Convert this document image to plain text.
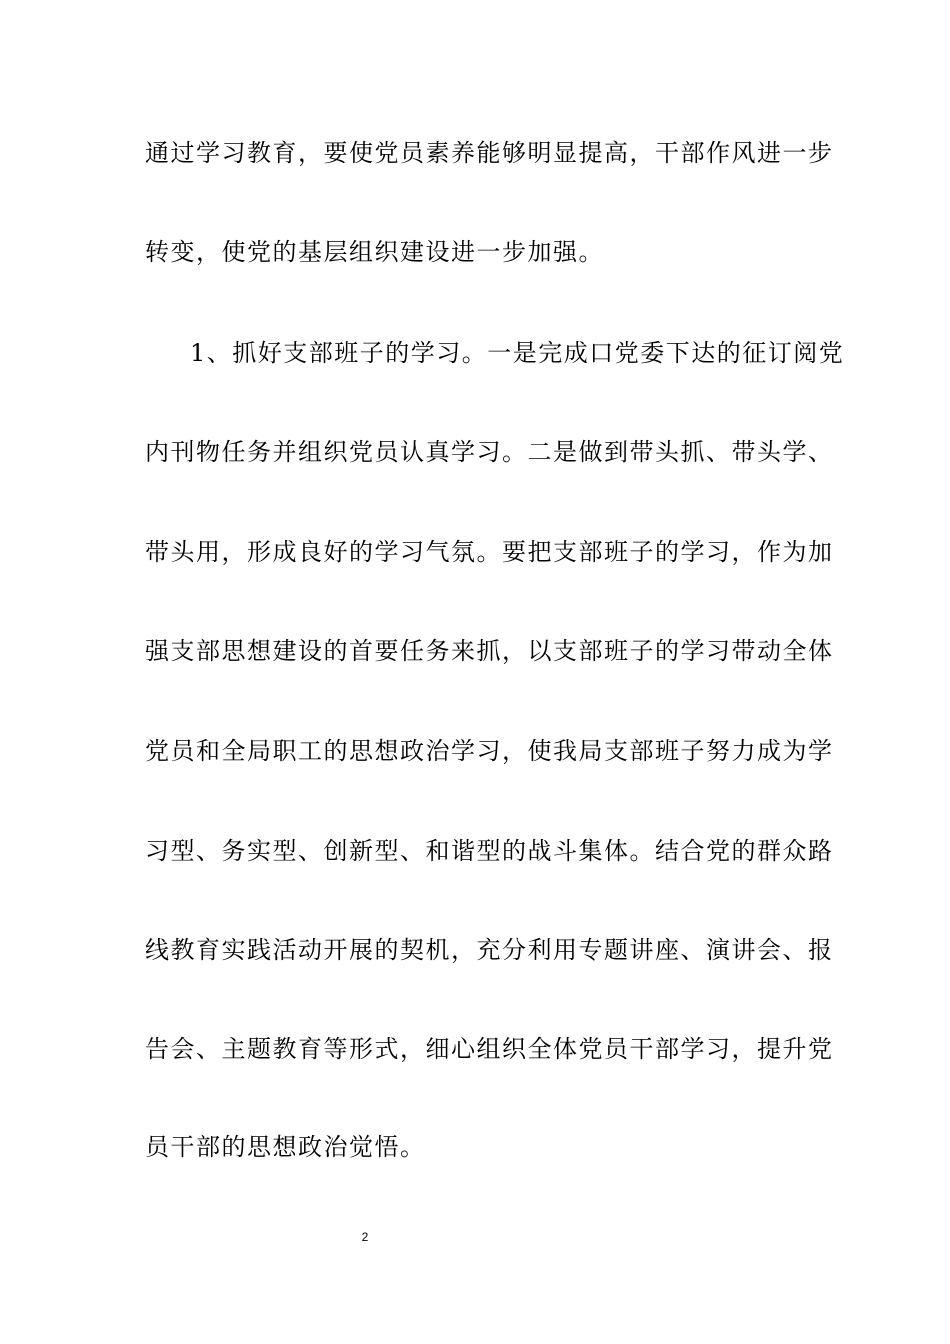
通过学习教育，要使党员素养能够明显提高，干部作风进一步
转变，使党的基层组织建设进一步加强。
1、抓好支部班子的学习。一是完成口党委下达的征订阅党
内刊物任务并组织党员认真学习。二是做到带头抓、带头学、
带头用，形成良好的学习气氛。要把支部班子的学习，作为加
强支部思想建设的首要任务来抓，以支部班子的学习带动全体
党员和全局职工的思想政治学习，使我局支部班子努力成为学
习型、务实型、创新型、和谐型的战斗集体。结合党的群众路
线教育实践活动开展的契机，充分利用专题讲座、演讲会、报
告会、主题教育等形式，细心组织全体党员干部学习，提升党
员干部的思想政治觉悟。
2
